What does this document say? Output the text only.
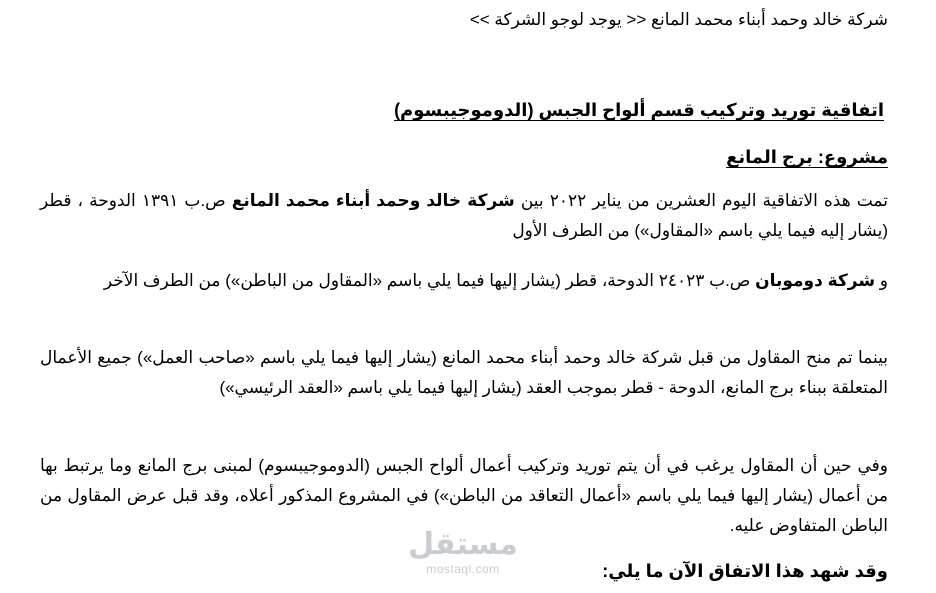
شركة خالد وحمد أبناء محمد المانع << يوجد لوجو الشركة >>
اتفاقية توريد وتركيب قسم ألواح الجبس (الدوموجيبسوم)
مشروع: برج المانع
تمت هذه الاتفاقية اليوم العشرين من يناير ٢٠٢٢ بين شركة خالد وحمد أبناء محمد المانع ص.ب ١٣٩١ الدوحة ، قطر (يشار إليه فيما يلي باسم «المقاول») من الطرف الأول
و شركة دوموبان ص.ب ٢٤٠٢٣ الدوحة، قطر (يشار إليها فيما يلي باسم «المقاول من الباطن») من الطرف الآخر
بينما تم منح المقاول من قبل شركة خالد وحمد أبناء محمد المانع (يشار إليها فيما يلي باسم «صاحب العمل») جميع الأعمال المتعلقة ببناء برج المانع، الدوحة - قطر بموجب العقد (يشار إليها فيما يلي باسم «العقد الرئيسي»)
وفي حين أن المقاول يرغب في أن يتم توريد وتركيب أعمال ألواح الجبس (الدوموجيبسوم) لمبنى برج المانع وما يرتبط بها من أعمال (يشار إليها فيما يلي باسم «أعمال التعاقد من الباطن») في المشروع المذكور أعلاه، وقد قبل عرض المقاول من الباطن المتفاوض عليه.
وقد شهد هذا الاتفاق الآن ما يلي:
مستقل
mostaql.com
